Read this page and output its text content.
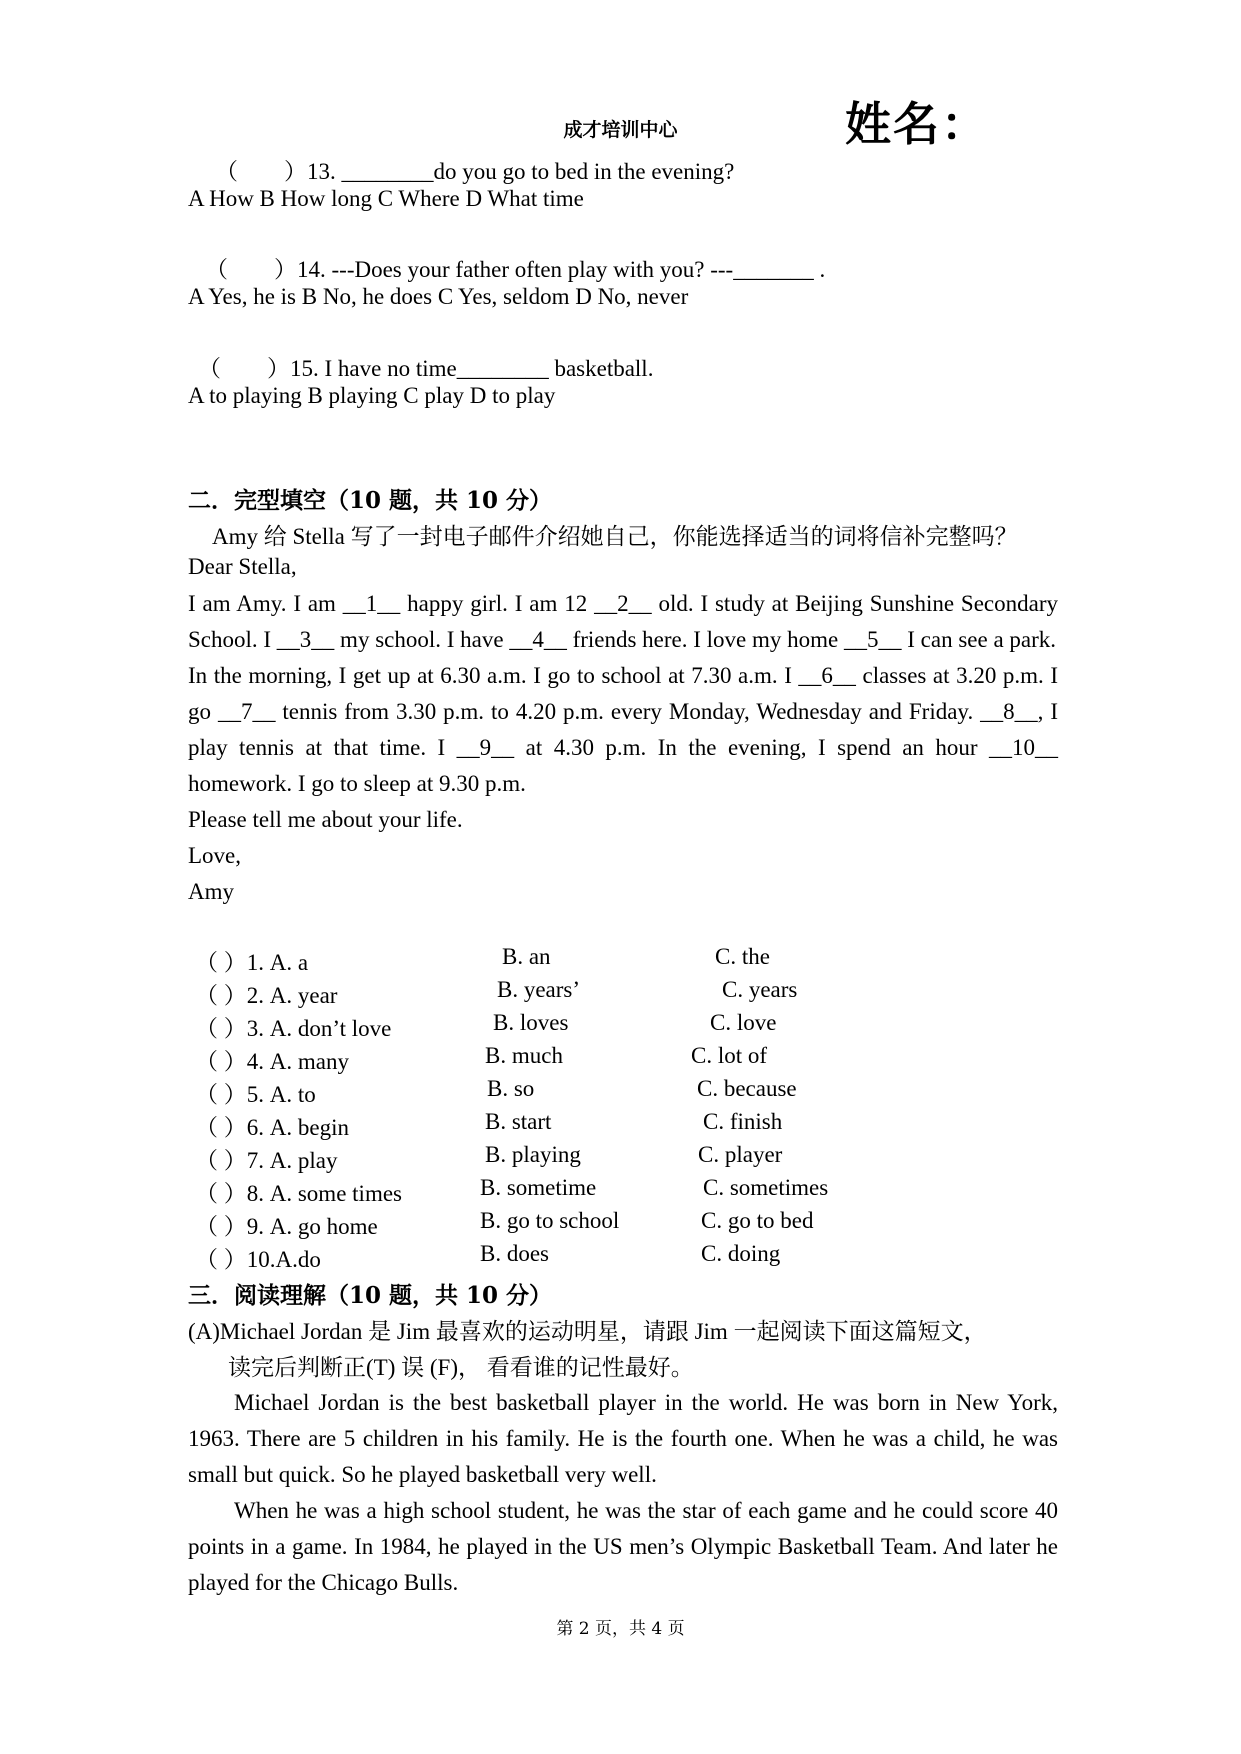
成才培训中心	姓名：
（　　）13. ________do you go to bed in the evening?
A How B How long C Where D What time
（　　）14. ---Does your father often play with you? ---_______ .
A Yes, he is B No, he does C Yes, seldom D No, never
（　　）15. I have no time________ basketball.
A to playing B playing C play D to play
二．完型填空（10 题，共 10 分）
Amy 给 Stella 写了一封电子邮件介绍她自己，你能选择适当的词将信补完整吗？
Dear Stella,

I am Amy. I am __1__ happy girl. I am 12 __2__ old. I study at Beijing Sunshine Secondary School. I __3__ my school. I have __4__ friends here. I love my home __5__ I can see a park.

In the morning, I get up at 6.30 a.m. I go to school at 7.30 a.m. I __6__ classes at 3.20 p.m. I go __7__ tennis from 3.30 p.m. to 4.20 p.m. every Monday, Wednesday and Friday. __8__, I play tennis at that time. I __9__ at 4.30 p.m. In the evening, I spend an hour __10__ homework. I go to sleep at 9.30 p.m.

Please tell me about your life.

Love,

Amy

（ ）1. A. a	B. an	C. the
（ ）2. A. year	B. years’	C. years
（ ）3. A. don’t love	B. loves	C. love
（ ）4. A. many	B. much	C. lot of
（ ）5. A. to	B. so	C. because
（ ）6. A. begin	B. start	C. finish
（ ）7. A. play	B. playing	C. player
（ ）8. A. some times	B. sometime	C. sometimes
（ ）9. A. go home	B. go to school	C. go to bed
（ ）10.A.do	B. does	C. doing
三．阅读理解（10 题，共 10 分）
(A)Michael Jordan 是 Jim 最喜欢的运动明星，请跟 Jim 一起阅读下面这篇短文，
读完后判断正(T) 误 (F)， 看看谁的记性最好。

Michael Jordan is the best basketball player in the world. He was born in New York, 1963. There are 5 children in his family. He is the fourth one. When he was a child, he was small but quick. So he played basketball very well.

When he was a high school student, he was the star of each game and he could score 40 points in a game. In 1984, he played in the US men’s Olympic Basketball Team. And later he played for the Chicago Bulls.

第 2 页，共 4 页
